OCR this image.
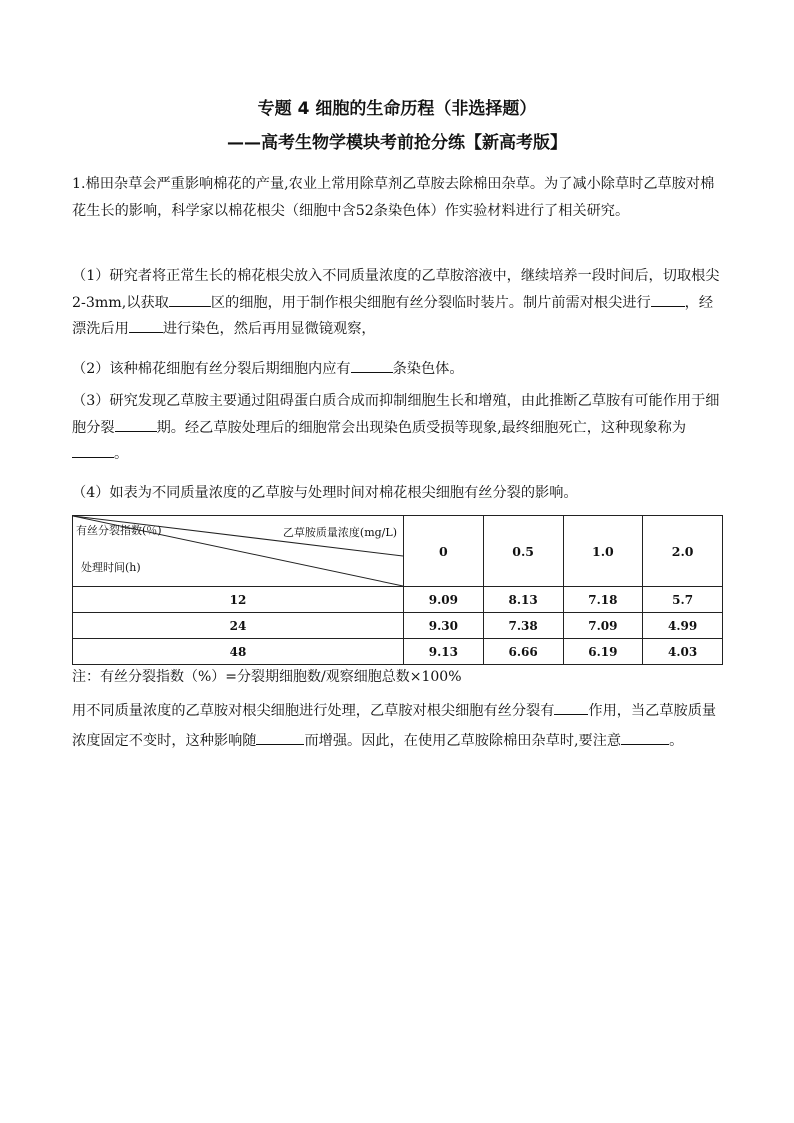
专题 4 细胞的生命历程（非选择题）
——高考生物学模块考前抢分练【新高考版】
1.棉田杂草会严重影响棉花的产量,农业上常用除草剂乙草胺去除棉田杂草。为了减小除草时乙草胺对棉花生长的影响，科学家以棉花根尖（细胞中含52条染色体）作实验材料进行了相关研究。
（1）研究者将正常生长的棉花根尖放入不同质量浓度的乙草胺溶液中，继续培养一段时间后，切取根尖2-3mm,以获取	区的细胞，用于制作根尖细胞有丝分裂临时装片。制片前需对根尖进行 ，经漂洗后用 进行染色，然后再用显微镜观察，
（2）该种棉花细胞有丝分裂后期细胞内应有	条染色体。
（3）研究发现乙草胺主要通过阻碍蛋白质合成而抑制细胞生长和增殖，由此推断乙草胺有可能作用于细胞分裂	期。经乙草胺处理后的细胞常会出现染色质受损等现象,最终细胞死亡，这种现象称为。
（4）如表为不同质量浓度的乙草胺与处理时间对棉花根尖细胞有丝分裂的影响。
有丝分裂指数(％) 乙草胺质量浓度(mg/L)
处理时间(h)	0	0.5	1.0	2.0
12	9.09	8.13	7.18	5.7
24	9.30	7.38	7.09	4.99
48	9.13	6.66	6.19	4.03
注：有丝分裂指数（%）=分裂期细胞数/观察细胞总数×100%
用不同质量浓度的乙草胺对根尖细胞进行处理，乙草胺对根尖细胞有丝分裂有 作用，当乙草胺质量浓度固定不变时，这种影响随	而增强。因此，在使用乙草胺除棉田杂草时,要注意	。
